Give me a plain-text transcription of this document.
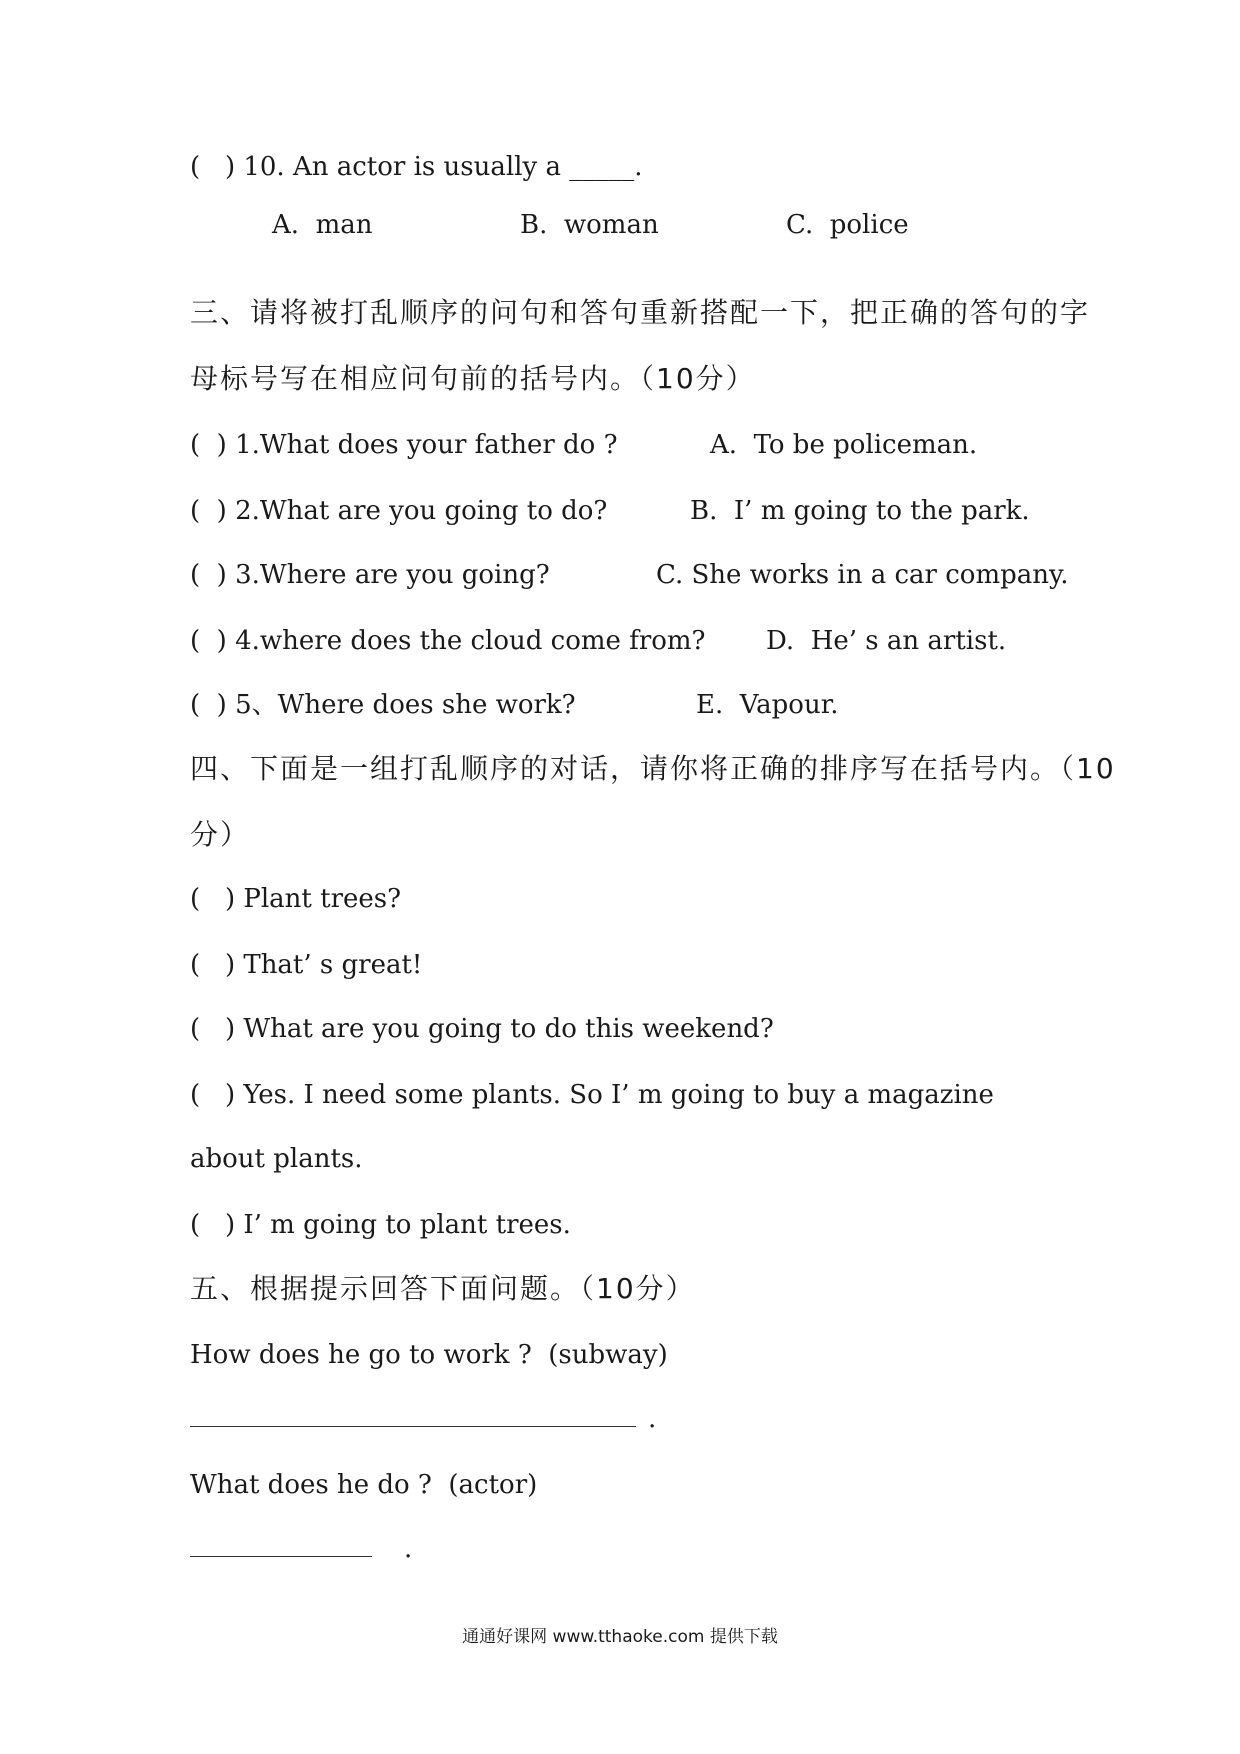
(   ) 10. An actor is usually a _____.
A.  man	B.  woman	C.  police
三、请将被打乱顺序的问句和答句重新搭配一下，把正确的答句的字
母标号写在相应问句前的括号内。（10分）
(  ) 1.What does your father do ?	A.  To be policeman.
(  ) 2.What are you going to do?	B.  I’ m going to the park.
(  ) 3.Where are you going?	C. She works in a car company.
(  ) 4.where does the cloud come from? D.  He’ s an artist.
(  ) 5、Where does she work?	E.  Vapour.
四、下面是一组打乱顺序的对话，请你将正确的排序写在括号内。（10
分）
(   ) Plant trees?
(   ) That’ s great!
(   ) What are you going to do this weekend?
(   ) Yes. I need some plants. So I’ m going to buy a magazine
about plants.
(   ) I’ m going to plant trees.
五、根据提示回答下面问题。（10分）
How does he go to work ?  (subway)
.
What does he do ?  (actor)
.
通通好课网 www.tthaoke.com 提供下载
